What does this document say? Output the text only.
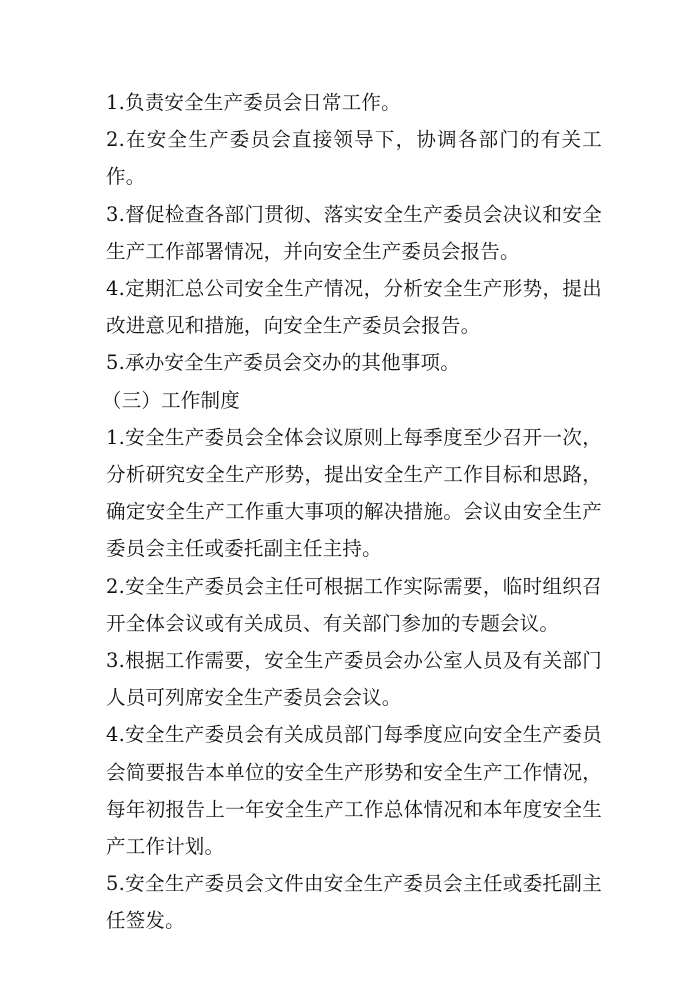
1.负责安全生产委员会日常工作。

2.在安全生产委员会直接领导下，协调各部门的有关工作。

3.督促检查各部门贯彻、落实安全生产委员会决议和安全生产工作部署情况，并向安全生产委员会报告。

4.定期汇总公司安全生产情况，分析安全生产形势，提出改进意见和措施，向安全生产委员会报告。

5.承办安全生产委员会交办的其他事项。

（三）工作制度

1.安全生产委员会全体会议原则上每季度至少召开一次，分析研究安全生产形势，提出安全生产工作目标和思路，确定安全生产工作重大事项的解决措施。会议由安全生产委员会主任或委托副主任主持。

2.安全生产委员会主任可根据工作实际需要，临时组织召开全体会议或有关成员、有关部门参加的专题会议。

3.根据工作需要，安全生产委员会办公室人员及有关部门人员可列席安全生产委员会会议。

4.安全生产委员会有关成员部门每季度应向安全生产委员会简要报告本单位的安全生产形势和安全生产工作情况，每年初报告上一年安全生产工作总体情况和本年度安全生产工作计划。

5.安全生产委员会文件由安全生产委员会主任或委托副主任签发。
